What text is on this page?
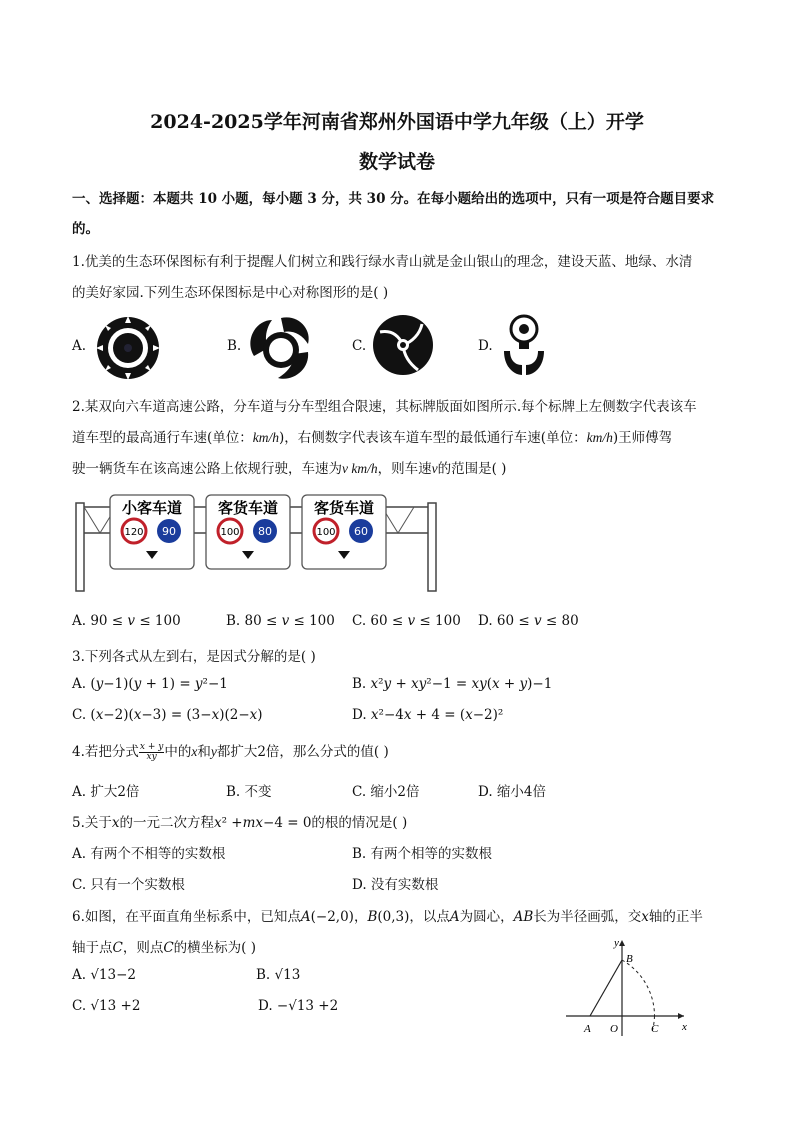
2024-2025学年河南省郑州外国语中学九年级（上）开学
数学试卷
一、选择题：本题共 10 小题，每小题 3 分，共 30 分。在每小题给出的选项中，只有一项是符合题目要求
的。
1.优美的生态环保图标有利于提醒人们树立和践行绿水青山就是金山银山的理念，建设天蓝、地绿、水清
的美好家园.下列生态环保图标是中心对称图形的是( )
A.	B.	C.	D.
2.某双向六车道高速公路，分车道与分车型组合限速，其标牌版面如图所示.每个标牌上左侧数字代表该车
道车型的最高通行车速(单位：km/h)，右侧数字代表该车道车型的最低通行车速(单位：km/h)王师傅驾
驶一辆货车在该高速公路上依规行驶，车速为v km/h，则车速v的范围是( )
小客车道
120 90
客货车道
100 80
客货车道
100 60
A. 90 ≤ 𝑣 ≤ 100	B. 80 ≤ 𝑣 ≤ 100 C. 60 ≤ 𝑣 ≤ 100 D. 60 ≤ 𝑣 ≤ 80
3.下列各式从左到右，是因式分解的是( )
A. (𝑦−1)(𝑦 + 1) = 𝑦²−1	B. 𝑥²𝑦 + 𝑥𝑦²−1 = 𝑥𝑦(𝑥 + 𝑦)−1
C. (𝑥−2)(𝑥−3) = (3−𝑥)(2−𝑥)	D. 𝑥²−4𝑥 + 4 = (𝑥−2)²
4.若把分式 $\frac{x + y}{xy}$ 中的x和y都扩大2倍，那么分式的值( )
A. 扩大2倍	B. 不变	C. 缩小2倍	D. 缩小4倍
5.关于𝑥的一元二次方程𝑥² +𝑚𝑥−4 = 0的根的情况是( )
A. 有两个不相等的实数根	B. 有两个相等的实数根
C. 只有一个实数根	D. 没有实数根
6.如图，在平面直角坐标系中，已知点𝐴(−2,0)，𝐵(0,3)，以点𝐴为圆心，𝐴𝐵长为半径画弧，交𝑥轴的正半
轴于点𝐶，则点𝐶的横坐标为( )
A. √13−2	B. √13
C. √13 +2	D. −√13 +2
A O	C
B
x
y
